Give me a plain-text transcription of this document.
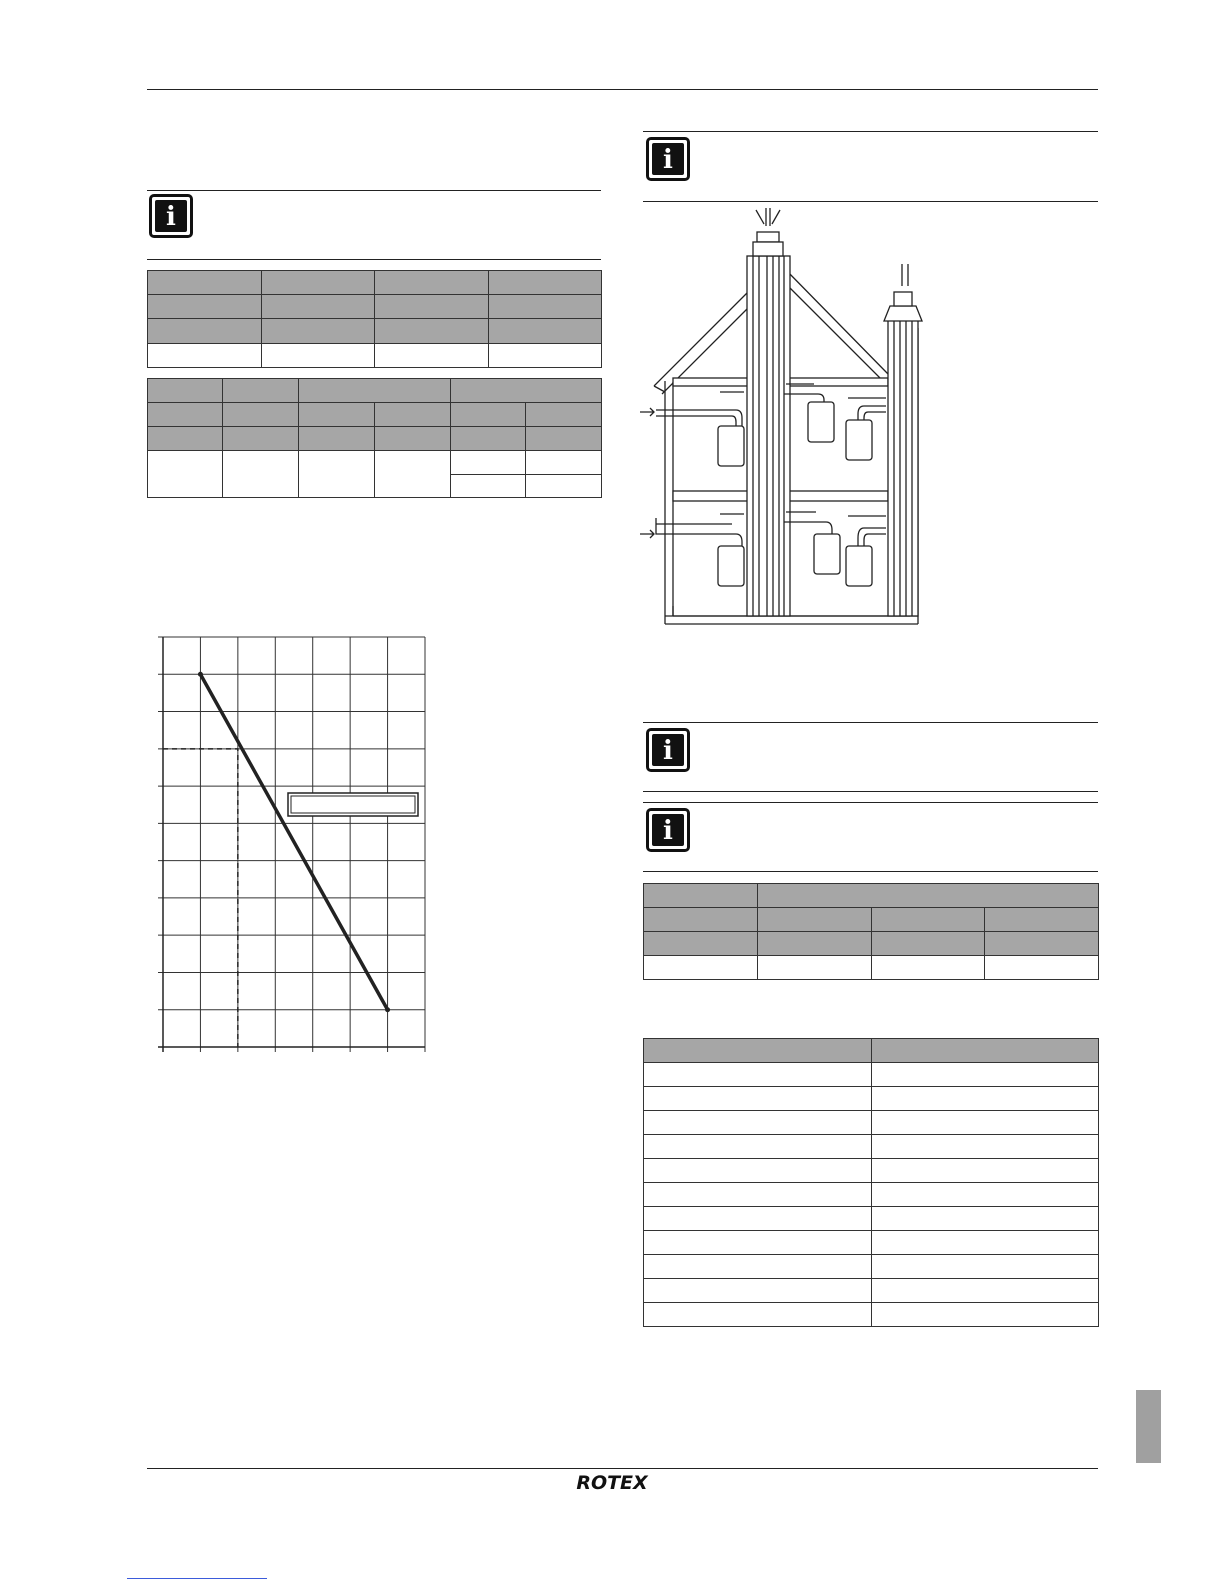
i

i
i
i

ROTEX
